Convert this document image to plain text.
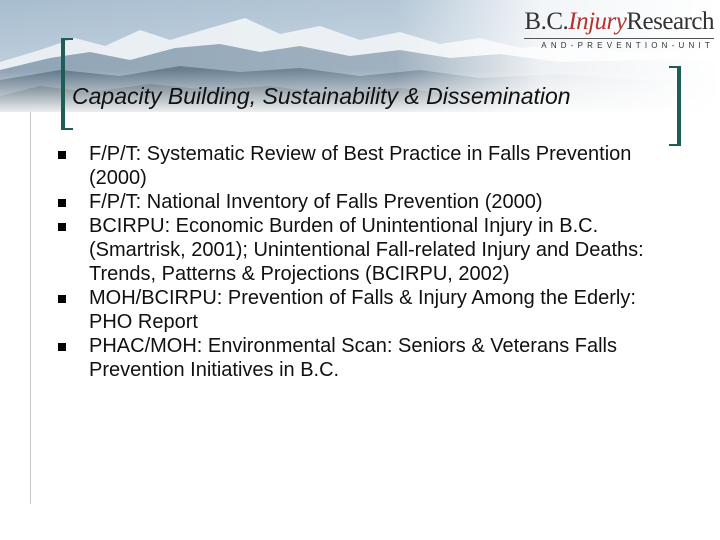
B.C.InjuryResearch
AND-PREVENTION-UNIT
Capacity Building, Sustainability & Dissemination
F/P/T: Systematic Review of Best Practice in Falls Prevention (2000)
F/P/T: National Inventory of Falls Prevention (2000)
BCIRPU: Economic Burden of Unintentional Injury in B.C. (Smartrisk, 2001); Unintentional Fall-related Injury and Deaths: Trends, Patterns & Projections (BCIRPU, 2002)
MOH/BCIRPU: Prevention of Falls & Injury Among the Ederly: PHO Report
PHAC/MOH: Environmental Scan: Seniors & Veterans Falls Prevention Initiatives in B.C.
